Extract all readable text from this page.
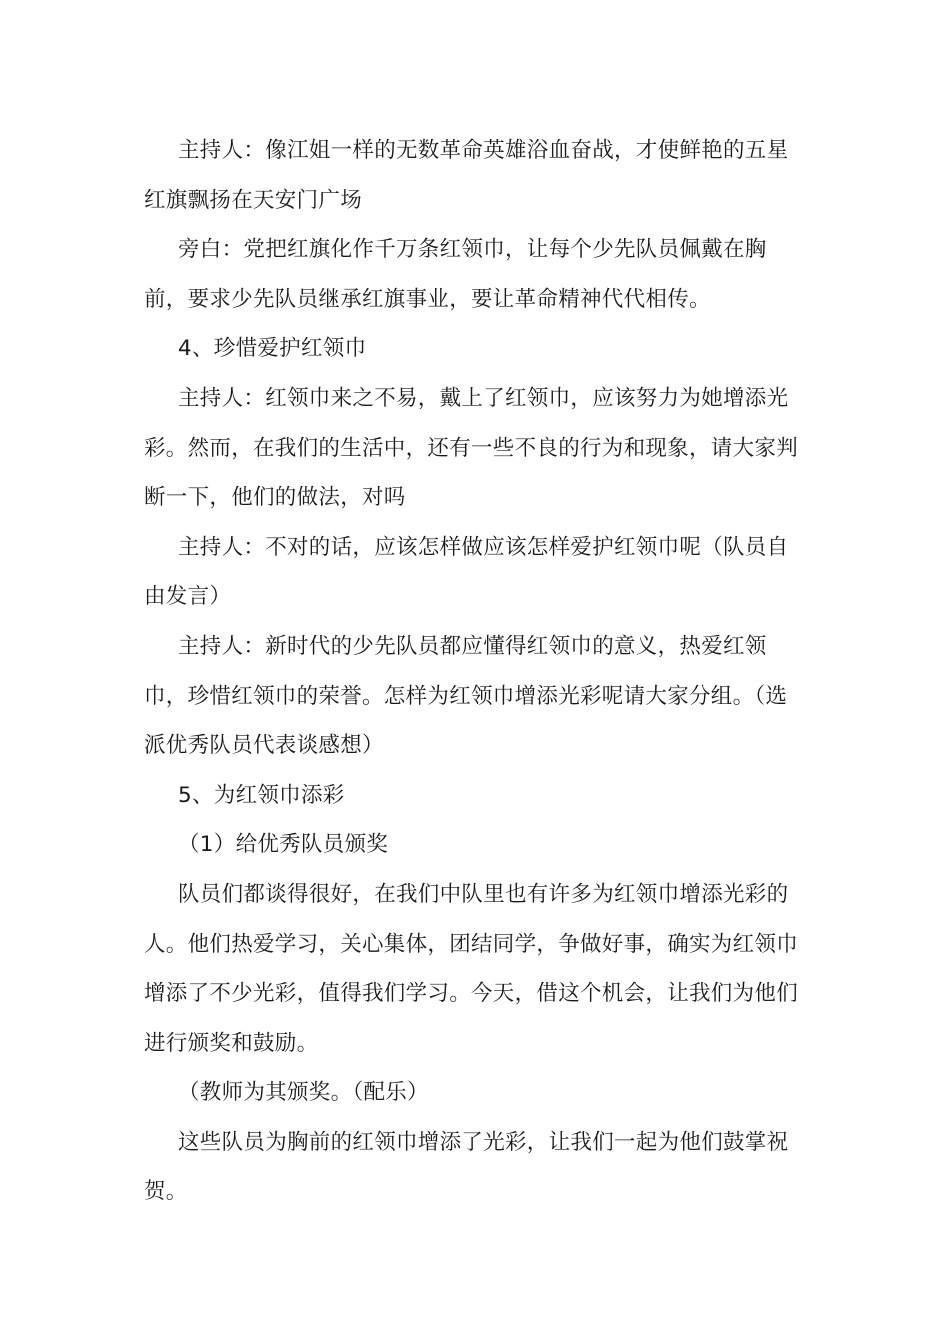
主持人：像江姐一样的无数革命英雄浴血奋战，才使鲜艳的五星红旗飘扬在天安门广场

旁白：党把红旗化作千万条红领巾，让每个少先队员佩戴在胸前，要求少先队员继承红旗事业，要让革命精神代代相传。

4、珍惜爱护红领巾

主持人：红领巾来之不易，戴上了红领巾，应该努力为她增添光彩。然而，在我们的生活中，还有一些不良的行为和现象，请大家判断一下，他们的做法，对吗

主持人：不对的话，应该怎样做应该怎样爱护红领巾呢（队员自由发言）

主持人：新时代的少先队员都应懂得红领巾的意义，热爱红领巾，珍惜红领巾的荣誉。怎样为红领巾增添光彩呢请大家分组。（选派优秀队员代表谈感想）

5、为红领巾添彩

（1）给优秀队员颁奖

队员们都谈得很好，在我们中队里也有许多为红领巾增添光彩的人。他们热爱学习，关心集体，团结同学，争做好事，确实为红领巾增添了不少光彩，值得我们学习。今天，借这个机会，让我们为他们进行颁奖和鼓励。

（教师为其颁奖。（配乐）

这些队员为胸前的红领巾增添了光彩，让我们一起为他们鼓掌祝贺。
